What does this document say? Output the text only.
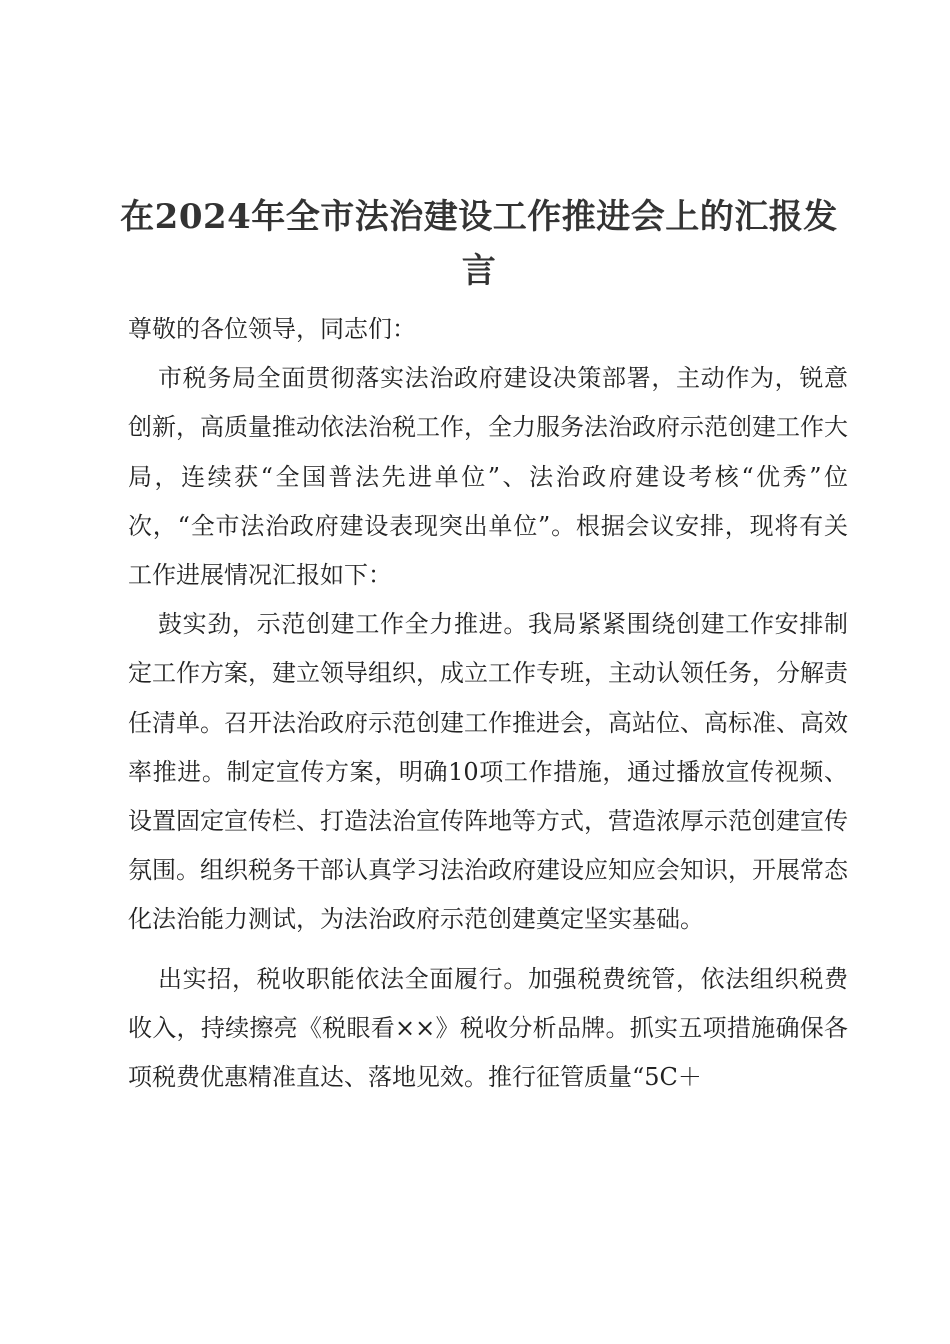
在2024年全市法治建设工作推进会上的汇报发言

尊敬的各位领导，同志们：

市税务局全面贯彻落实法治政府建设决策部署，主动作为，锐意创新，高质量推动依法治税工作，全力服务法治政府示范创建工作大局，连续获“全国普法先进单位”、法治政府建设考核“优秀”位次，“全市法治政府建设表现突出单位”。根据会议安排，现将有关工作进展情况汇报如下：

鼓实劲，示范创建工作全力推进。我局紧紧围绕创建工作安排制定工作方案，建立领导组织，成立工作专班，主动认领任务，分解责任清单。召开法治政府示范创建工作推进会，高站位、高标准、高效率推进。制定宣传方案，明确10项工作措施，通过播放宣传视频、设置固定宣传栏、打造法治宣传阵地等方式，营造浓厚示范创建宣传氛围。组织税务干部认真学习法治政府建设应知应会知识，开展常态化法治能力测试，为法治政府示范创建奠定坚实基础。

出实招，税收职能依法全面履行。加强税费统管，依法组织税费收入，持续擦亮《税眼看××》税收分析品牌。抓实五项措施确保各项税费优惠精准直达、落地见效。推行征管质量“5C＋
